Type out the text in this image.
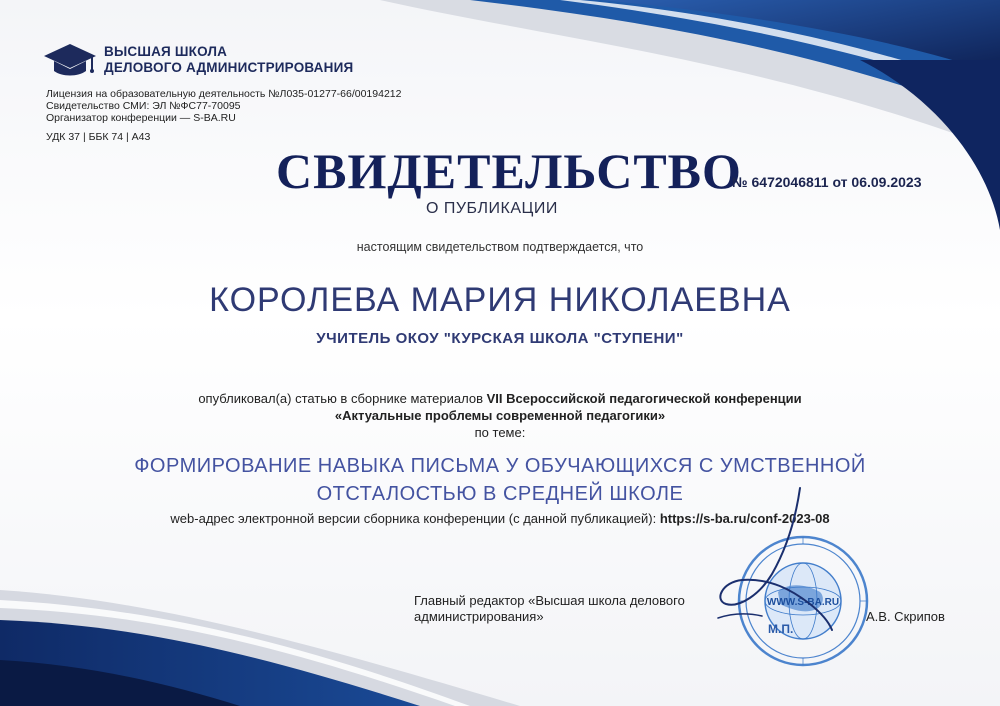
ВЫСШАЯ ШКОЛА
ДЕЛОВОГО АДМИНИСТРИРОВАНИЯ
Лицензия на образовательную деятельность №Л035-01277-66/00194212
Свидетельство СМИ: ЭЛ №ФС77-70095
Организатор конференции — S-BA.RU
УДК 37 | ББК 74 | А43
СВИДЕТЕЛЬСТВО
№ 6472046811 от 06.09.2023
О ПУБЛИКАЦИИ
настоящим свидетельством подтверждается, что
КОРОЛЕВА МАРИЯ НИКОЛАЕВНА
УЧИТЕЛЬ ОКОУ "КУРСКАЯ ШКОЛА "СТУПЕНИ"
опубликовал(а) статью в сборнике материалов VII Всероссийской педагогической конференции
«Актуальные проблемы современной педагогики»
по теме:
ФОРМИРОВАНИЕ НАВЫКА ПИСЬМА У ОБУЧАЮЩИХСЯ С УМСТВЕННОЙ ОТСТАЛОСТЬЮ В СРЕДНЕЙ ШКОЛЕ
web-адрес электронной версии сборника конференции (с данной публикацией): https://s-ba.ru/conf-2023-08
Главный редактор «Высшая школа делового
администрирования»
WWW.S-BA.RU
М.П.
А.В. Скрипов
